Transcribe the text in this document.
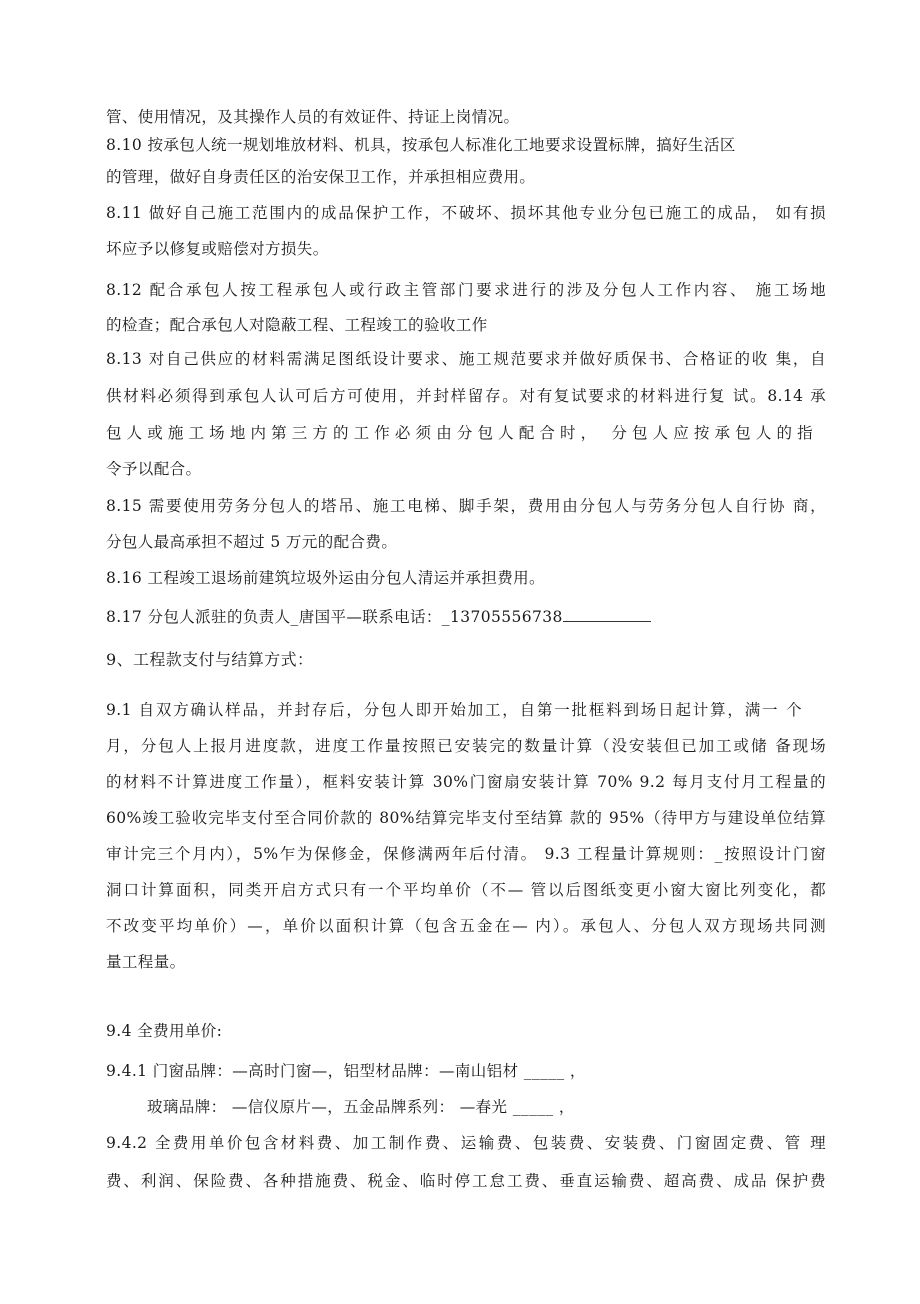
管、使用情况，及其操作人员的有效证件、持证上岗情况。
8.10 按承包人统一规划堆放材料、机具，按承包人标准化工地要求设置标牌，搞好生活区
的管理，做好自身责任区的治安保卫工作，并承担相应费用。
8.11 做好自己施工范围内的成品保护工作，不破坏、损坏其他专业分包已施工的成品， 如有损
坏应予以修复或赔偿对方损失。
8.12 配合承包人按工程承包人或行政主管部门要求进行的涉及分包人工作内容、 施工场地
的检查；配合承包人对隐蔽工程、工程竣工的验收工作
8.13 对自己供应的材料需满足图纸设计要求、施工规范要求并做好质保书、合格证的收 集，自
供材料必须得到承包人认可后方可使用，并封样留存。对有复试要求的材料进行复 试。8.14 承
包人或施工场地内第三方的工作必须由分包人配合时， 分包人应按承包人的指
令予以配合。
8.15 需要使用劳务分包人的塔吊、施工电梯、脚手架，费用由分包人与劳务分包人自行协 商，
分包人最高承担不超过 5 万元的配合费。
8.16 工程竣工退场前建筑垃圾外运由分包人清运并承担费用。
8.17 分包人派驻的负责人_唐国平—联系电话：_13705556738
9、工程款支付与结算方式：
9.1 自双方确认样品，并封存后，分包人即开始加工，自第一批框料到场日起计算，满一 个
月，分包人上报月进度款，进度工作量按照已安装完的数量计算（没安装但已加工或储 备现场
的材料不计算进度工作量），框料安装计算 30%门窗扇安装计算 70% 9.2 每月支付月工程量的
60%竣工验收完毕支付至合同价款的 80%结算完毕支付至结算 款的 95%（待甲方与建设单位结算
审计完三个月内），5%乍为保修金，保修满两年后付清。 9.3 工程量计算规则：_按照设计门窗
洞口计算面积，同类开启方式只有一个平均单价（不— 管以后图纸变更小窗大窗比列变化，都
不改变平均单价）—，单价以面积计算（包含五金在— 内）。承包人、分包人双方现场共同测
量工程量。
9.4 全费用单价:
9.4.1 门窗品牌：—高时门窗—，铝型材品牌：—南山铝材 _____ ，
玻璃品牌： —信仪原片—，五金品牌系列： —春光 _____ ，
9.4.2 全费用单价包含材料费、加工制作费、运输费、包装费、安装费、门窗固定费、管 理
费、利润、保险费、各种措施费、税金、临时停工怠工费、垂直运输费、超高费、成品 保护费
